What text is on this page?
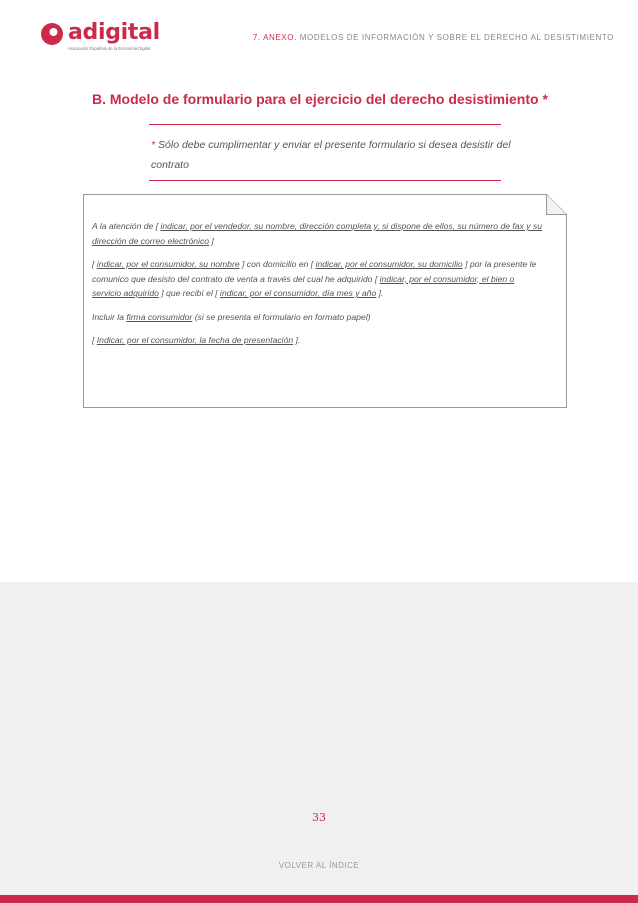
adigital
Asociación Española de la Economía Digital
7. ANEXO. MODELOS DE INFORMACIÓN Y SOBRE EL DERECHO AL DESISTIMIENTO
B. Modelo de formulario para el ejercicio del derecho desistimiento *
* Sólo debe cumplimentar y enviar el presente formulario si desea desistir del contrato

A la atención de [ indicar, por el vendedor, su nombre, dirección completa y, si dispone de ellos, su número de fax y su dirección de correo electrónico ]

[ indicar, por el consumidor, su nombre ] con domicilio en [ indicar, por el consumidor, su domicilio ] por la presente le comunico que desisto del contrato de venta a través del cual he adquirido [ indicar, por el consumidor, el bien o servicio adquirido ] que recibí el [ indicar, por el consumidor, día mes y año ].

Incluir la firma consumidor (si se presenta el formulario en formato papel)

[ Indicar, por el consumidor, la fecha de presentación ].

33
VOLVER AL ÍNDICE
